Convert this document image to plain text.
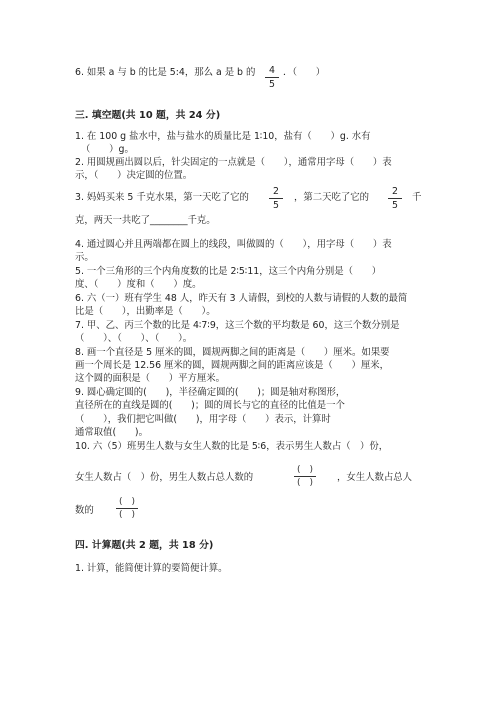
6. 如果 a 与 b 的比是 5:4，那么 a 是 b 的	4
5
．（　　）
三. 填空题(共 10 题，共 24 分)
1. 在 100 g 盐水中，盐与盐水的质量比是 1∶10，盐有（　　）g. 水有
（　　）g。
2. 用圆规画出圆以后，针尖固定的一点就是（　　），通常用字母（　　）表
示，（　　）决定圆的位置。
3. 妈妈买来 5 千克水果，第一天吃了它的
2
5
，第二天吃了它的
2
5
千
克，两天一共吃了________千克。
4. 通过圆心并且两端都在圆上的线段，叫做圆的（　　），用字母（　　）表
示。
5. 一个三角形的三个内角度数的比是 2∶5∶11，这三个内角分别是（　　）
度、（　　）度和（　　）度。
6. 六（一）班有学生 48 人，昨天有 3 人请假，到校的人数与请假的人数的最简
比是（　　），出勤率是（　　）。
7. 甲、乙、丙三个数的比是 4∶7∶9，这三个数的平均数是 60，这三个数分别是
（　　）、（　　）、（　　）。
8. 画一个直径是 5 厘米的圆，圆规两脚之间的距离是（　　）厘米。如果要
画一个周长是 12.56 厘米的圆，圆规两脚之间的距离应该是（　　）厘米，
这个圆的面积是（　　）平方厘米。
9. 圆心确定圆的(　　)，半径确定圆的(　　)；圆是轴对称图形，
直径所在的直线是圆的(　　)；圆的周长与它的直径的比值是一个
（　　），我们把它叫做(　　)，用字母（　　）表示，计算时
通常取值(　　)。
10. 六（5）班男生人数与女生人数的比是 5∶6，表示男生人数占（　）份，
女生人数占（　）份，男生人数占总人数的
(　)
(　)	，女生人数占总人
数的
(　)
(　)
四. 计算题(共 2 题，共 18 分)
1. 计算，能简便计算的要简便计算。
